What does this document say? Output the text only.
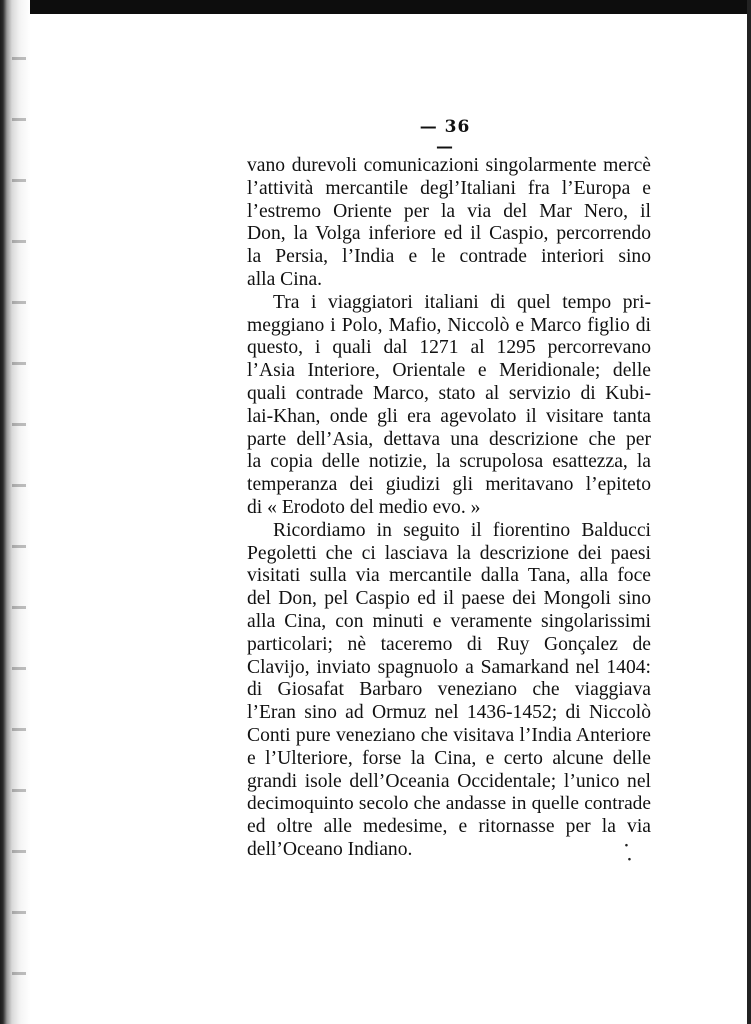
— 36 —
vano durevoli comunicazioni singolarmente mercè
l’attività mercantile degl’Italiani fra l’Europa e
l’estremo Oriente per la via del Mar Nero, il
Don, la Volga inferiore ed il Caspio, percorrendo
la Persia, l’India e le contrade interiori sino
alla Cina.
Tra i viaggiatori italiani di quel tempo pri-
meggiano i Polo, Mafio, Niccolò e Marco figlio di
questo, i quali dal 1271 al 1295 percorrevano
l’Asia Interiore, Orientale e Meridionale; delle
quali contrade Marco, stato al servizio di Kubi-
lai-Khan, onde gli era agevolato il visitare tanta
parte dell’Asia, dettava una descrizione che per
la copia delle notizie, la scrupolosa esattezza, la
temperanza dei giudizi gli meritavano l’epiteto
di « Erodoto del medio evo. »
Ricordiamo in seguito il fiorentino Balducci
Pegoletti che ci lasciava la descrizione dei paesi
visitati sulla via mercantile dalla Tana, alla foce
del Don, pel Caspio ed il paese dei Mongoli sino
alla Cina, con minuti e veramente singolarissimi
particolari; nè taceremo di Ruy Gonçalez de
Clavijo, inviato spagnuolo a Samarkand nel 1404:
di Giosafat Barbaro veneziano che viaggiava
l’Eran sino ad Ormuz nel 1436-1452; di Niccolò
Conti pure veneziano che visitava l’India Anteriore
e l’Ulteriore, forse la Cina, e certo alcune delle
grandi isole dell’Oceania Occidentale; l’unico nel
decimoquinto secolo che andasse in quelle contrade
ed oltre alle medesime, e ritornasse per la via
dell’Oceano Indiano.	·
·
